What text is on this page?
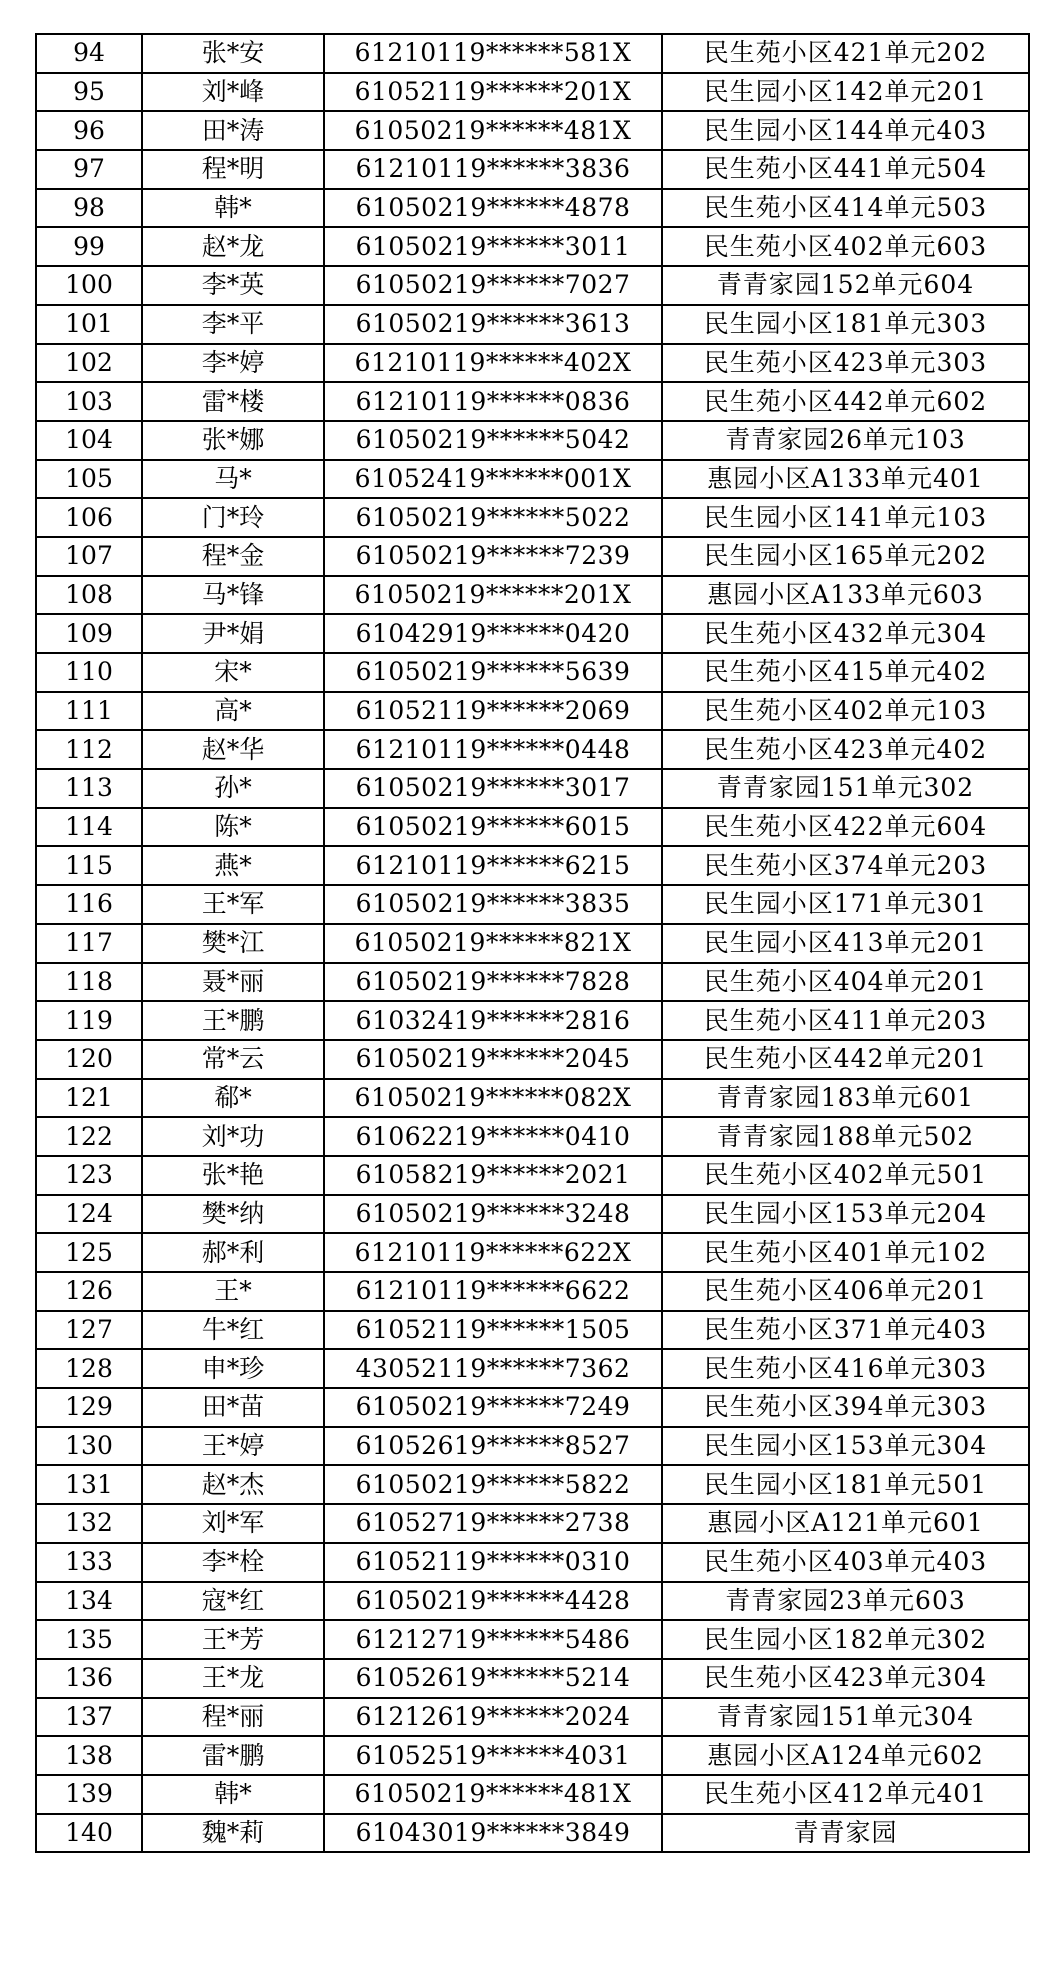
94	张*安	61210119******581X	民生苑小区421单元202
95	刘*峰	61052119******201X	民生园小区142单元201
96	田*涛	61050219******481X	民生园小区144单元403
97	程*明	61210119******3836	民生苑小区441单元504
98	韩*	61050219******4878	民生苑小区414单元503
99	赵*龙	61050219******3011	民生苑小区402单元603
100	李*英	61050219******7027	青青家园152单元604
101	李*平	61050219******3613	民生园小区181单元303
102	李*婷	61210119******402X	民生苑小区423单元303
103	雷*楼	61210119******0836	民生苑小区442单元602
104	张*娜	61050219******5042	青青家园26单元103
105	马*	61052419******001X	惠园小区A133单元401
106	门*玲	61050219******5022	民生园小区141单元103
107	程*金	61050219******7239	民生园小区165单元202
108	马*锋	61050219******201X	惠园小区A133单元603
109	尹*娟	61042919******0420	民生苑小区432单元304
110	宋*	61050219******5639	民生苑小区415单元402
111	高*	61052119******2069	民生苑小区402单元103
112	赵*华	61210119******0448	民生苑小区423单元402
113	孙*	61050219******3017	青青家园151单元302
114	陈*	61050219******6015	民生苑小区422单元604
115	燕*	61210119******6215	民生苑小区374单元203
116	王*军	61050219******3835	民生园小区171单元301
117	樊*江	61050219******821X	民生园小区413单元201
118	聂*丽	61050219******7828	民生苑小区404单元201
119	王*鹏	61032419******2816	民生苑小区411单元203
120	常*云	61050219******2045	民生苑小区442单元201
121	郗*	61050219******082X	青青家园183单元601
122	刘*功	61062219******0410	青青家园188单元502
123	张*艳	61058219******2021	民生苑小区402单元501
124	樊*纳	61050219******3248	民生园小区153单元204
125	郝*利	61210119******622X	民生苑小区401单元102
126	王*	61210119******6622	民生苑小区406单元201
127	牛*红	61052119******1505	民生苑小区371单元403
128	申*珍	43052119******7362	民生苑小区416单元303
129	田*苗	61050219******7249	民生苑小区394单元303
130	王*婷	61052619******8527	民生园小区153单元304
131	赵*杰	61050219******5822	民生园小区181单元501
132	刘*军	61052719******2738	惠园小区A121单元601
133	李*栓	61052119******0310	民生苑小区403单元403
134	寇*红	61050219******4428	青青家园23单元603
135	王*芳	61212719******5486	民生园小区182单元302
136	王*龙	61052619******5214	民生苑小区423单元304
137	程*丽	61212619******2024	青青家园151单元304
138	雷*鹏	61052519******4031	惠园小区A124单元602
139	韩*	61050219******481X	民生苑小区412单元401
140	魏*莉	61043019******3849	青青家园
